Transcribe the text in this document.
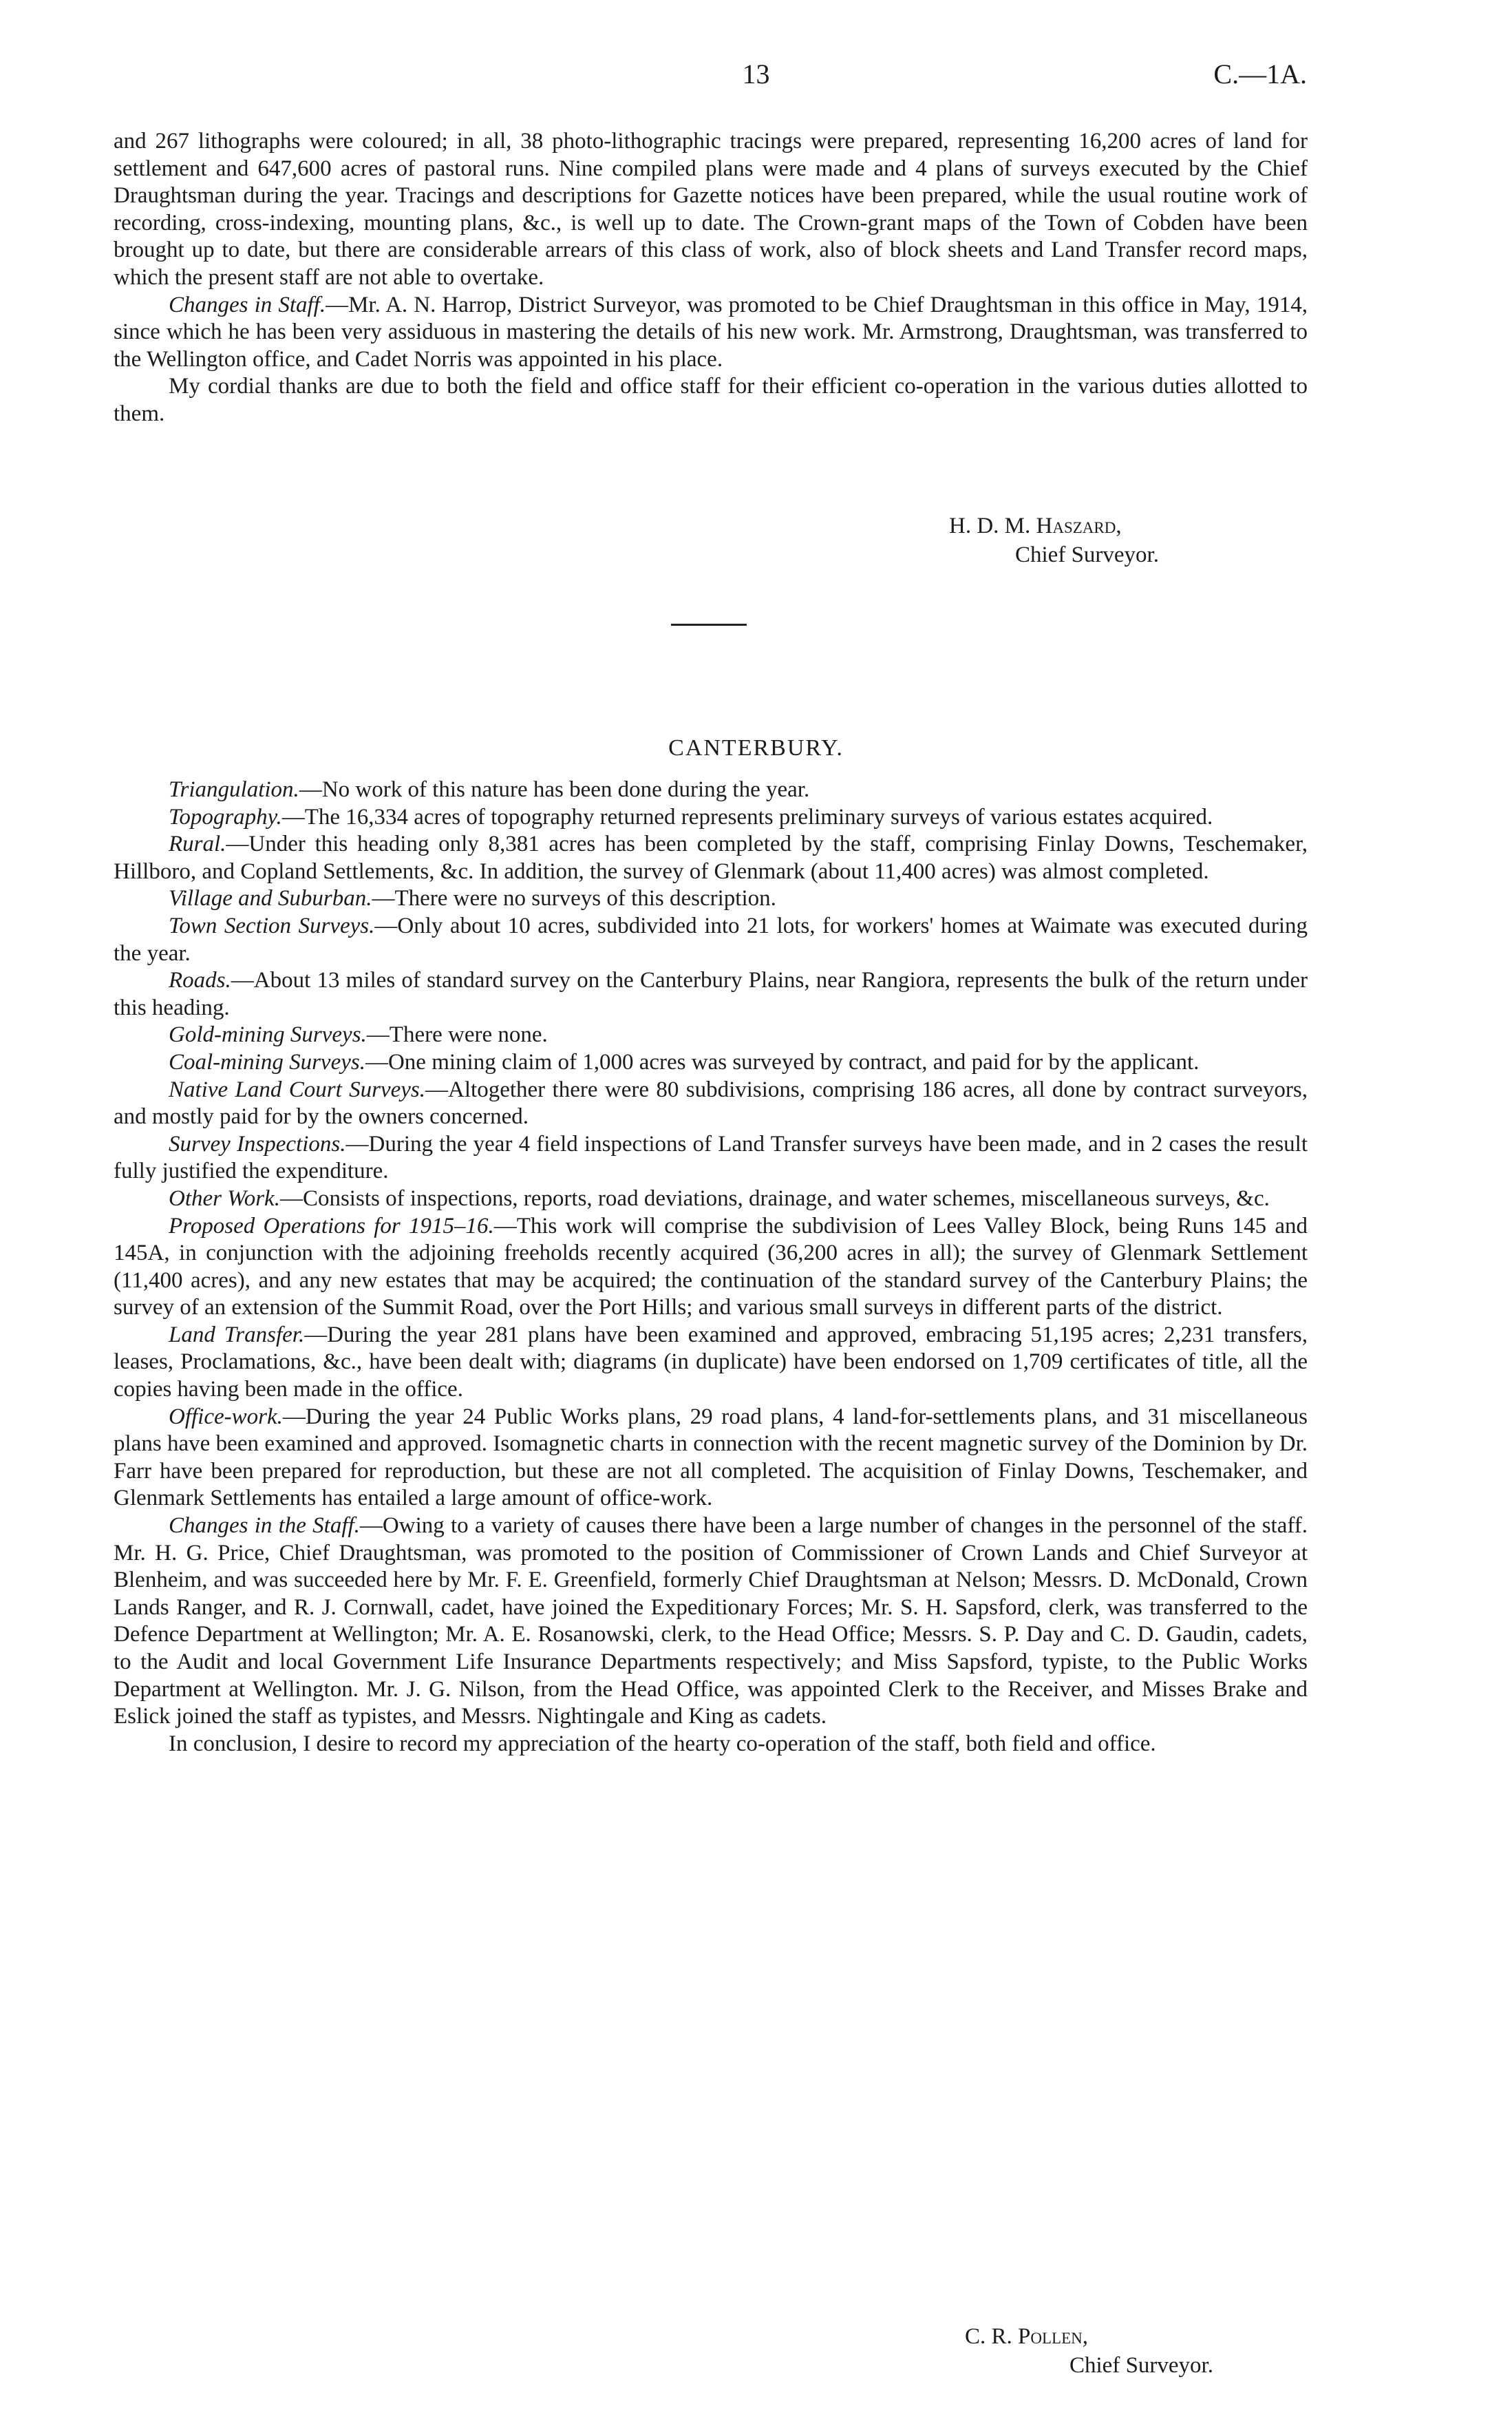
13	C.—1A.

and 267 lithographs were coloured; in all, 38 photo-lithographic tracings were prepared, representing 16,200 acres of land for settlement and 647,600 acres of pastoral runs. Nine compiled plans were made and 4 plans of surveys executed by the Chief Draughtsman during the year. Tracings and descriptions for Gazette notices have been prepared, while the usual routine work of recording, cross-indexing, mounting plans, &c., is well up to date. The Crown-grant maps of the Town of Cobden have been brought up to date, but there are considerable arrears of this class of work, also of block sheets and Land Transfer record maps, which the present staff are not able to overtake.

Changes in Staff.—Mr. A. N. Harrop, District Surveyor, was promoted to be Chief Draughtsman in this office in May, 1914, since which he has been very assiduous in mastering the details of his new work. Mr. Armstrong, Draughtsman, was transferred to the Wellington office, and Cadet Norris was appointed in his place.

My cordial thanks are due to both the field and office staff for their efficient co-operation in the various duties allotted to them.

H. D. M. Haszard,
Chief Surveyor.
CANTERBURY.

Triangulation.—No work of this nature has been done during the year.

Topography.—The 16,334 acres of topography returned represents preliminary surveys of various estates acquired.

Rural.—Under this heading only 8,381 acres has been completed by the staff, comprising Finlay Downs, Teschemaker, Hillboro, and Copland Settlements, &c. In addition, the survey of Glenmark (about 11,400 acres) was almost completed.

Village and Suburban.—There were no surveys of this description.

Town Section Surveys.—Only about 10 acres, subdivided into 21 lots, for workers' homes at Waimate was executed during the year.

Roads.—About 13 miles of standard survey on the Canterbury Plains, near Rangiora, represents the bulk of the return under this heading.

Gold-mining Surveys.—There were none.

Coal-mining Surveys.—One mining claim of 1,000 acres was surveyed by contract, and paid for by the applicant.

Native Land Court Surveys.—Altogether there were 80 subdivisions, comprising 186 acres, all done by contract surveyors, and mostly paid for by the owners concerned.

Survey Inspections.—During the year 4 field inspections of Land Transfer surveys have been made, and in 2 cases the result fully justified the expenditure.

Other Work.—Consists of inspections, reports, road deviations, drainage, and water schemes, miscellaneous surveys, &c.

Proposed Operations for 1915–16.—This work will comprise the subdivision of Lees Valley Block, being Runs 145 and 145A, in conjunction with the adjoining freeholds recently acquired (36,200 acres in all); the survey of Glenmark Settlement (11,400 acres), and any new estates that may be acquired; the continuation of the standard survey of the Canterbury Plains; the survey of an extension of the Summit Road, over the Port Hills; and various small surveys in different parts of the district.

Land Transfer.—During the year 281 plans have been examined and approved, embracing 51,195 acres; 2,231 transfers, leases, Proclamations, &c., have been dealt with; diagrams (in duplicate) have been endorsed on 1,709 certificates of title, all the copies having been made in the office.

Office-work.—During the year 24 Public Works plans, 29 road plans, 4 land-for-settlements plans, and 31 miscellaneous plans have been examined and approved. Isomagnetic charts in connection with the recent magnetic survey of the Dominion by Dr. Farr have been prepared for reproduction, but these are not all completed. The acquisition of Finlay Downs, Teschemaker, and Glenmark Settlements has entailed a large amount of office-work.

Changes in the Staff.—Owing to a variety of causes there have been a large number of changes in the personnel of the staff. Mr. H. G. Price, Chief Draughtsman, was promoted to the position of Commissioner of Crown Lands and Chief Surveyor at Blenheim, and was succeeded here by Mr. F. E. Greenfield, formerly Chief Draughtsman at Nelson; Messrs. D. McDonald, Crown Lands Ranger, and R. J. Cornwall, cadet, have joined the Expeditionary Forces; Mr. S. H. Sapsford, clerk, was transferred to the Defence Department at Wellington; Mr. A. E. Rosanowski, clerk, to the Head Office; Messrs. S. P. Day and C. D. Gaudin, cadets, to the Audit and local Government Life Insurance Departments respectively; and Miss Sapsford, typiste, to the Public Works Department at Wellington. Mr. J. G. Nilson, from the Head Office, was appointed Clerk to the Receiver, and Misses Brake and Eslick joined the staff as typistes, and Messrs. Nightingale and King as cadets.

In conclusion, I desire to record my appreciation of the hearty co-operation of the staff, both field and office.

C. R. Pollen,
Chief Surveyor.
